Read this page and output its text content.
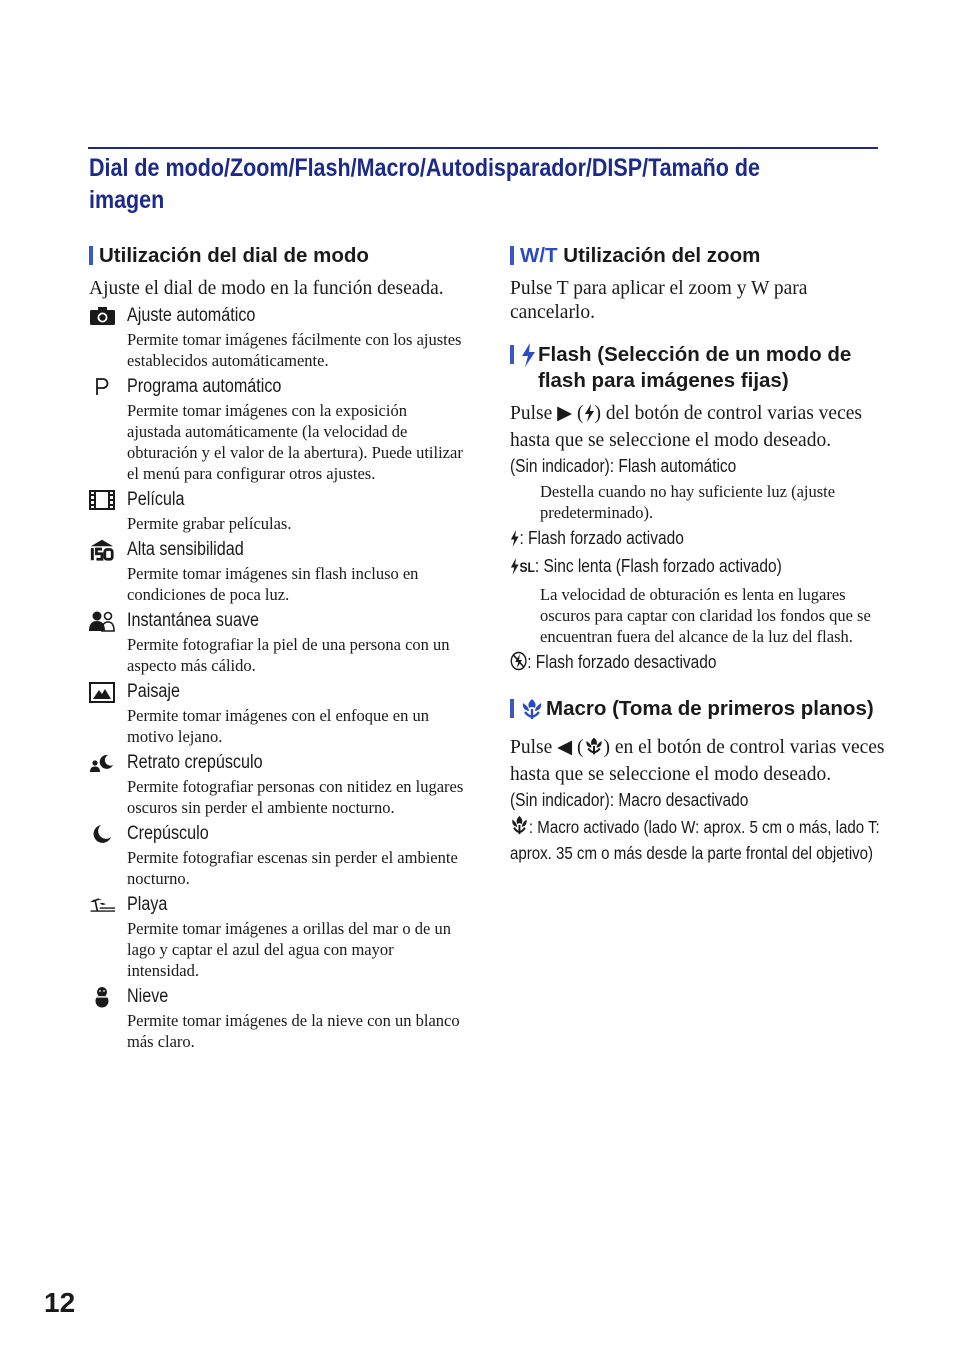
Dial de modo/Zoom/Flash/Macro/Autodisparador/DISP/Tamaño de
imagen
Utilización del dial de modo
Ajuste el dial de modo en la función deseada.
Ajuste automático
Permite tomar imágenes fácilmente con los ajustes establecidos automáticamente.
Programa automático
Permite tomar imágenes con la exposición ajustada automáticamente (la velocidad de obturación y el valor de la abertura). Puede utilizar el menú para configurar otros ajustes.
Película
Permite grabar películas.
Alta sensibilidad
Permite tomar imágenes sin flash incluso en condiciones de poca luz.
Instantánea suave
Permite fotografiar la piel de una persona con un aspecto más cálido.
Paisaje
Permite tomar imágenes con el enfoque en un motivo lejano.
Retrato crepúsculo
Permite fotografiar personas con nitidez en lugares oscuros sin perder el ambiente nocturno.
Crepúsculo
Permite fotografiar escenas sin perder el ambiente nocturno.
Playa
Permite tomar imágenes a orillas del mar o de un lago y captar el azul del agua con mayor intensidad.
Nieve
Permite tomar imágenes de la nieve con un blanco más claro.
W/T Utilización del zoom
Pulse T para aplicar el zoom y W para cancelarlo.
Flash (Selección de un modo de flash para imágenes fijas)
Pulse ▶ ( ) del botón de control varias veces hasta que se seleccione el modo deseado.
(Sin indicador): Flash automático
Destella cuando no hay suficiente luz (ajuste predeterminado).
: Flash forzado activado
SL: Sinc lenta (Flash forzado activado)
La velocidad de obturación es lenta en lugares oscuros para captar con claridad los fondos que se encuentran fuera del alcance de la luz del flash.
: Flash forzado desactivado
Macro (Toma de primeros planos)
Pulse ◀ ( ) en el botón de control varias veces hasta que se seleccione el modo deseado.
(Sin indicador): Macro desactivado
: Macro activado (lado W: aprox. 5 cm o más, lado T: aprox. 35 cm o más desde la parte frontal del objetivo)
12
